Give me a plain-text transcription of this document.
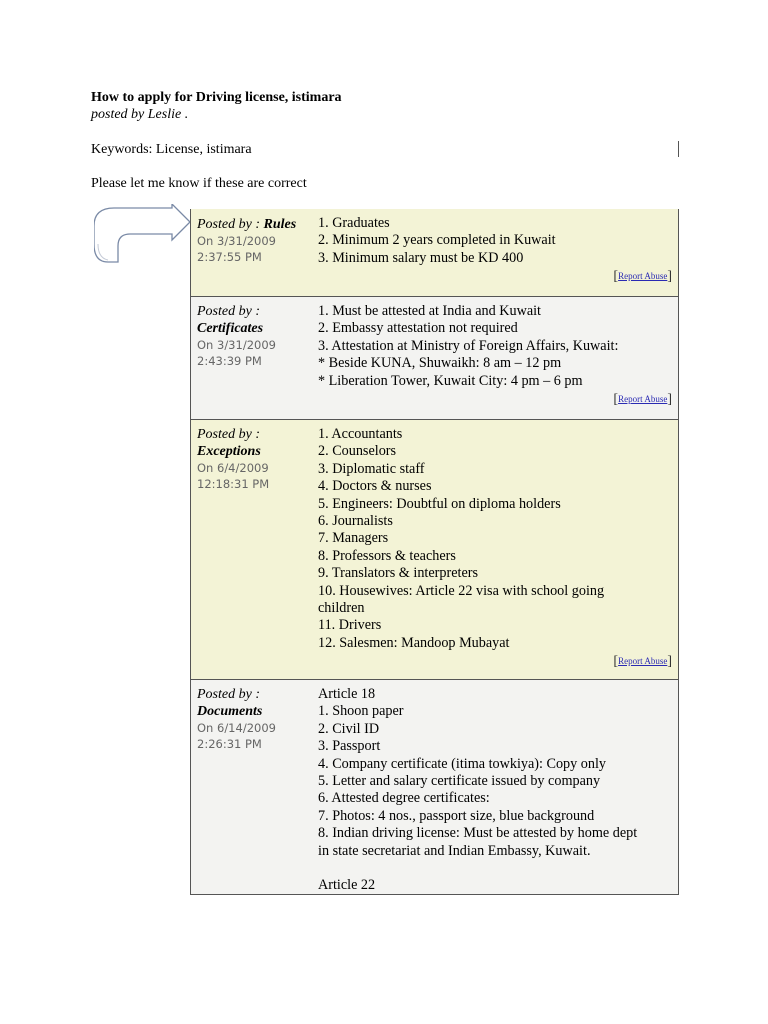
How to apply for Driving license, istimara
posted by Leslie .
Keywords: License, istimara
Please let me know if these are correct
Posted by : Rules
On 3/31/2009
2:37:55 PM
1. Graduates
2. Minimum 2 years completed in Kuwait
3. Minimum salary must be KD 400
[Report Abuse]
Posted by :
Certificates
On 3/31/2009
2:43:39 PM
1. Must be attested at India and Kuwait
2. Embassy attestation not required
3. Attestation at Ministry of Foreign Affairs, Kuwait:
* Beside KUNA, Shuwaikh: 8 am – 12 pm
* Liberation Tower, Kuwait City: 4 pm – 6 pm
[Report Abuse]
Posted by :
Exceptions
On 6/4/2009
12:18:31 PM
1. Accountants
2. Counselors
3. Diplomatic staff
4. Doctors & nurses
5. Engineers: Doubtful on diploma holders
6. Journalists
7. Managers
8. Professors & teachers
9. Translators & interpreters
10. Housewives: Article 22 visa with school going
children
11. Drivers
12. Salesmen: Mandoop Mubayat
[Report Abuse]
Posted by :
Documents
On 6/14/2009
2:26:31 PM
Article 18
1. Shoon paper
2. Civil ID
3. Passport
4. Company certificate (itima towkiya): Copy only
5. Letter and salary certificate issued by company
6. Attested degree certificates:
7. Photos: 4 nos., passport size, blue background
8. Indian driving license: Must be attested by home dept
in state secretariat and Indian Embassy, Kuwait.

Article 22
